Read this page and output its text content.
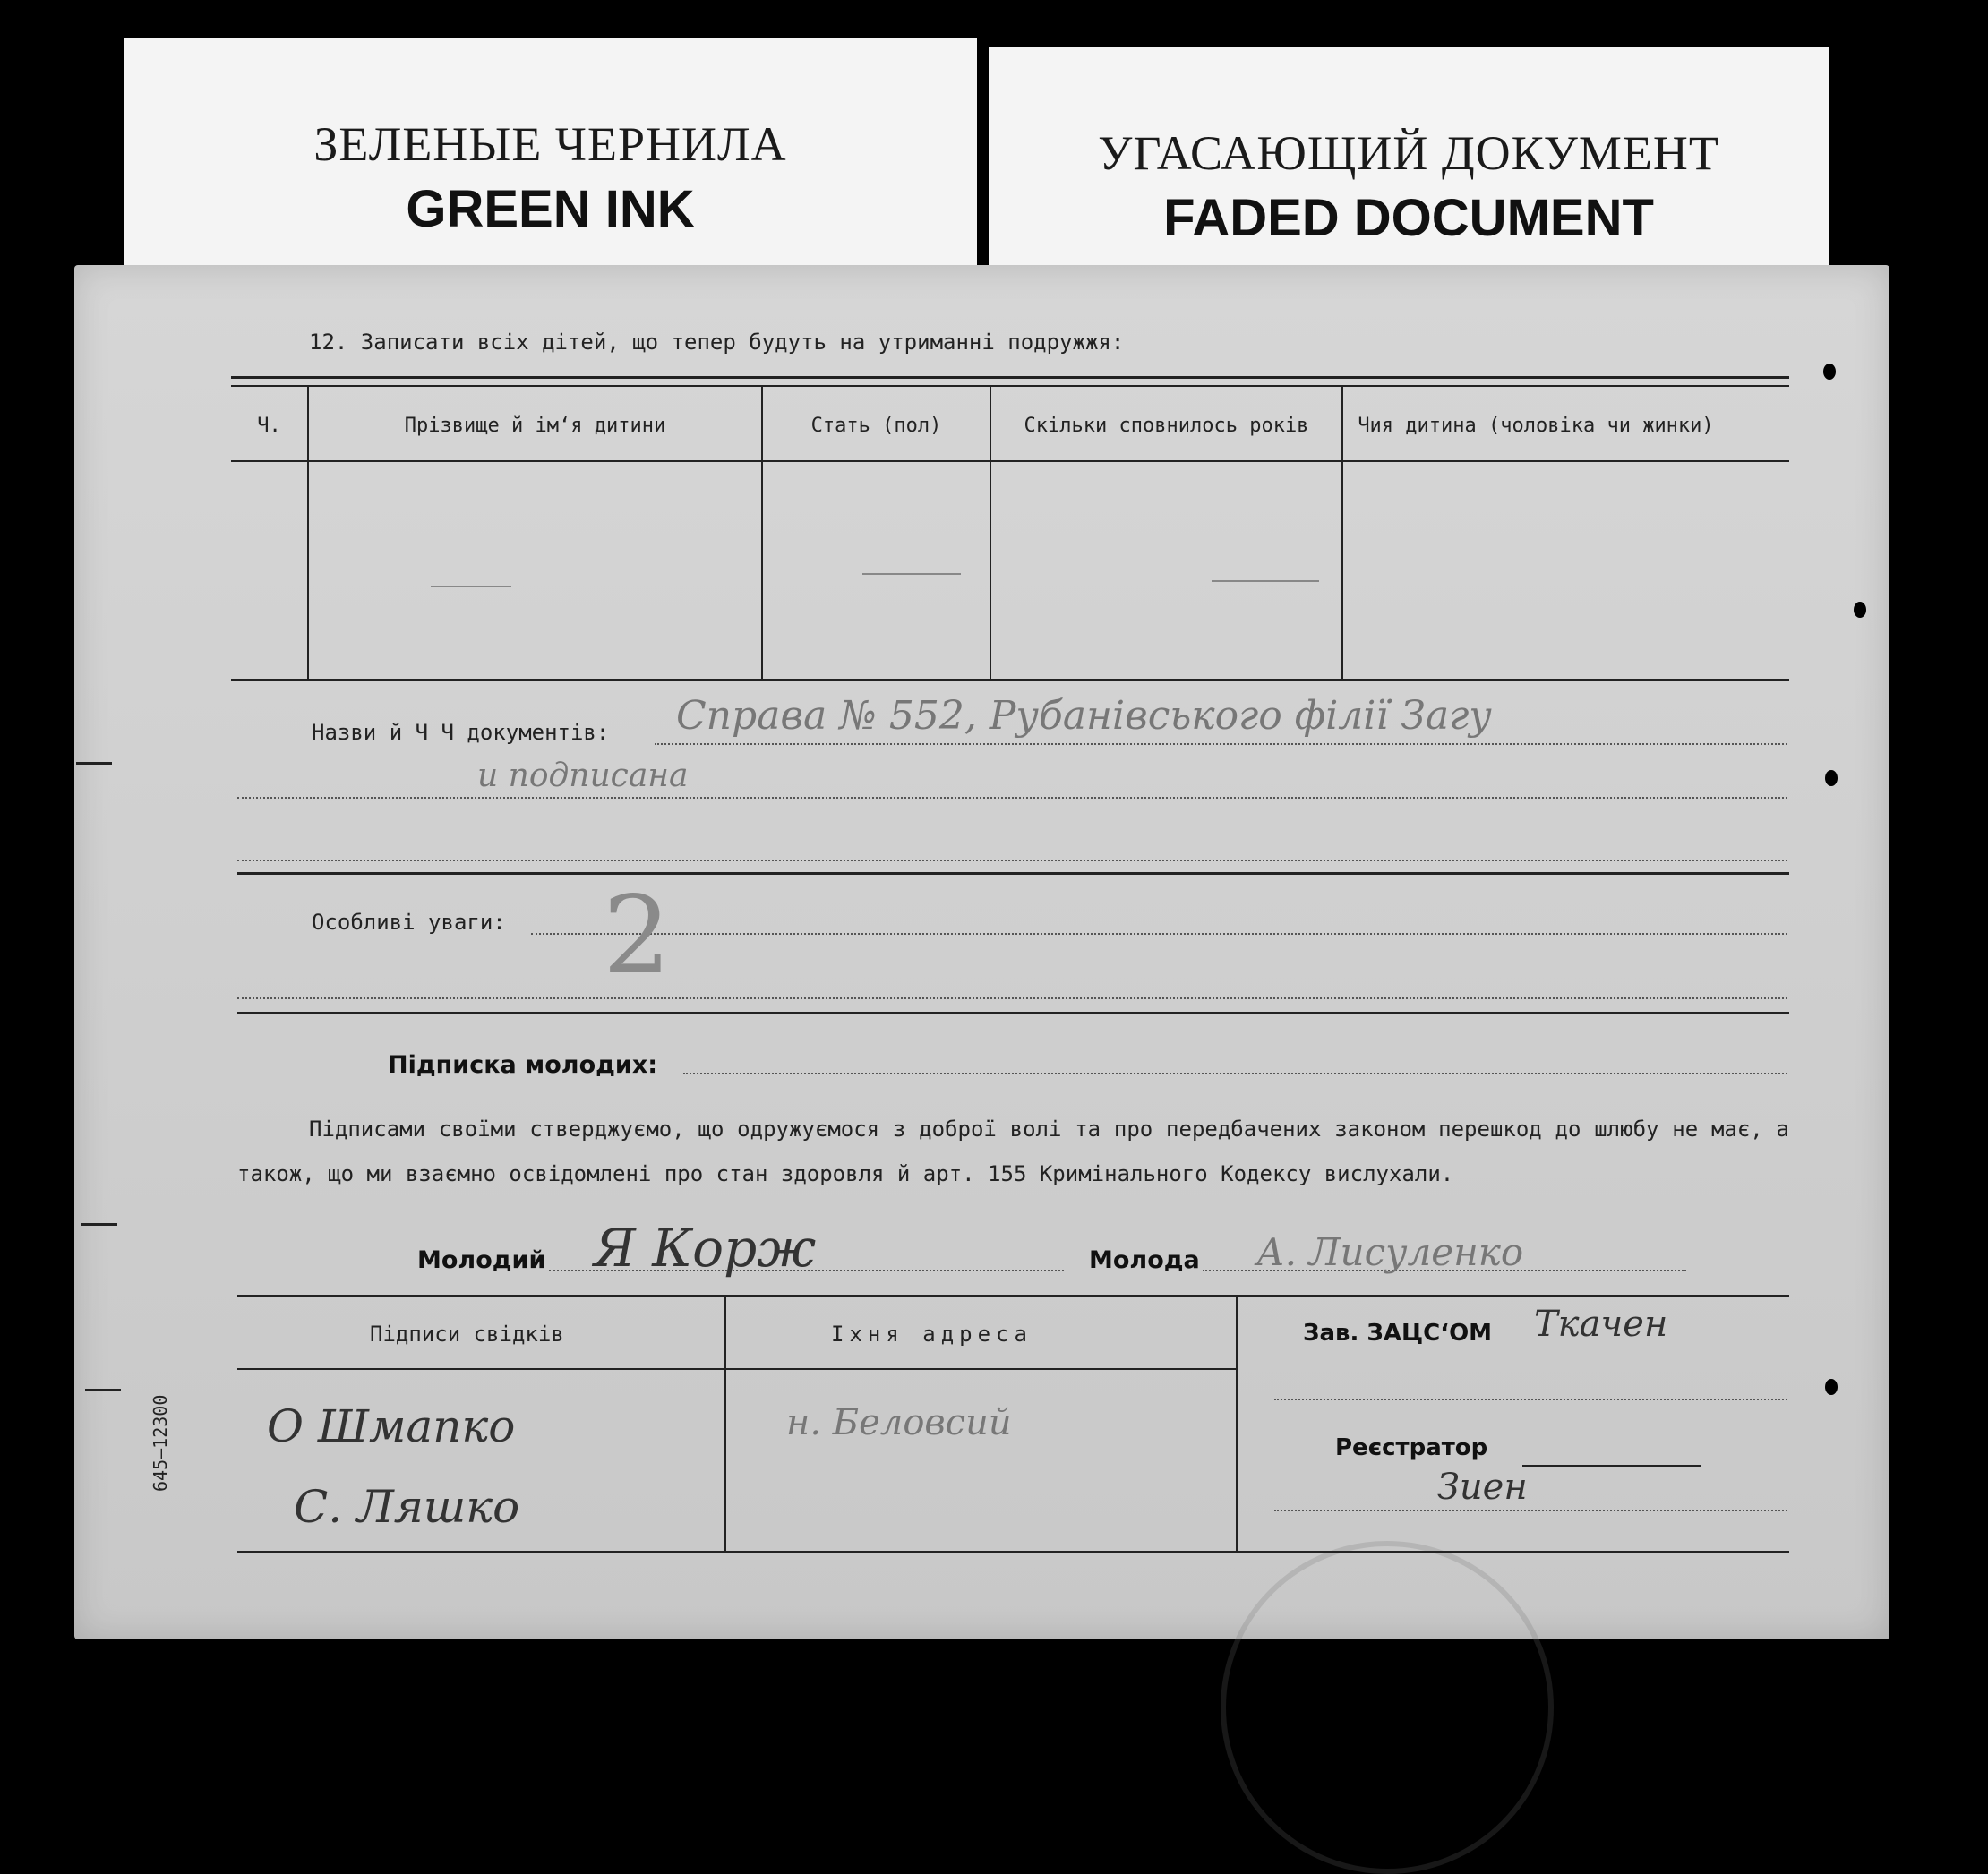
ЗЕЛЕНЫЕ ЧЕРНИЛА
GREEN INK
УГАСАЮЩИЙ ДОКУМЕНТ
FADED DOCUMENT
12. Записати всіх дітей, що тепер будуть на утриманні подружжя:
Ч.	Прізвище й ім‘я дитини	Стать (пол)	Скільки сповнилось років	Чия дитина (чоловіка чи жинки)
Назви й Ч Ч документів: Справа № 552, Рубанівського філії Загу
и подписана
Особливі уваги: 2
Підписка молодих:
Підписами своїми стверджуємо, що одружуємося з доброї волі та про передбачених законом перешкод до шлюбу не має, а також, що ми взаємно освідомлені про стан здоровля й арт. 155 Кримінального Кодексу вислухали.
Молодий Я Корж	Молода А. Лисуленко
Підписи свідків	Іхня адреса
О Шмапко
С. Ляшко
н. Беловсий
Зав. ЗАЦС‘ОМ Ткачен
Реєстратор
Зиен
645—12300
